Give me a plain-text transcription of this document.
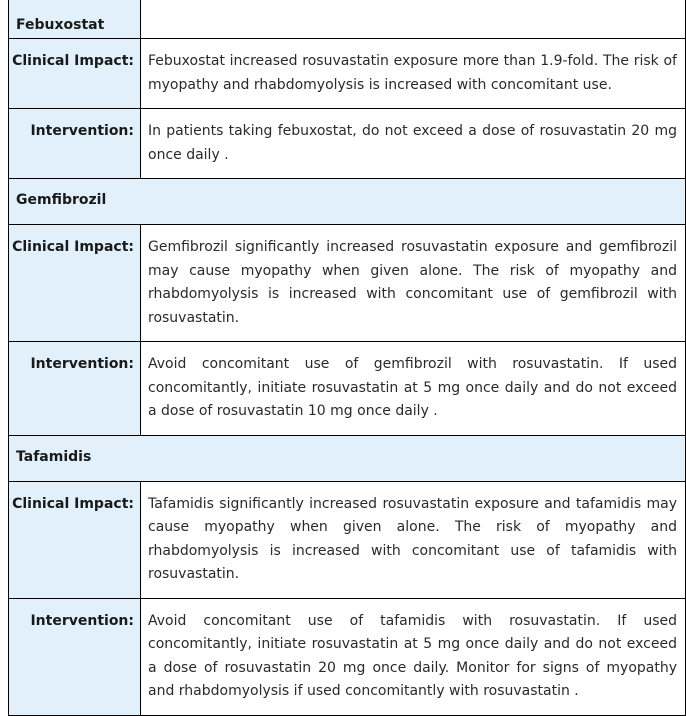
Febuxostat	
Clinical Impact:	Febuxostat increased rosuvastatin exposure more than 1.9-fold. The risk of myopathy and rhabdomyolysis is increased with concomitant use.
Intervention:	In patients taking febuxostat, do not exceed a dose of rosuvastatin 20 mg once daily .
Gemfibrozil	
Clinical Impact:	Gemfibrozil significantly increased rosuvastatin exposure and gemfibrozil may cause myopathy when given alone. The risk of myopathy and rhabdomyolysis is increased with concomitant use of gemfibrozil with rosuvastatin.
Intervention:	Avoid concomitant use of gemfibrozil with rosuvastatin. If used concomitantly, initiate rosuvastatin at 5 mg once daily and do not exceed a dose of rosuvastatin 10 mg once daily .
Tafamidis	
Clinical Impact:	Tafamidis significantly increased rosuvastatin exposure and tafamidis may cause myopathy when given alone. The risk of myopathy and rhabdomyolysis is increased with concomitant use of tafamidis with rosuvastatin.
Intervention:	Avoid concomitant use of tafamidis with rosuvastatin. If used concomitantly, initiate rosuvastatin at 5 mg once daily and do not exceed a dose of rosuvastatin 20 mg once daily. Monitor for signs of myopathy and rhabdomyolysis if used concomitantly with rosuvastatin .
